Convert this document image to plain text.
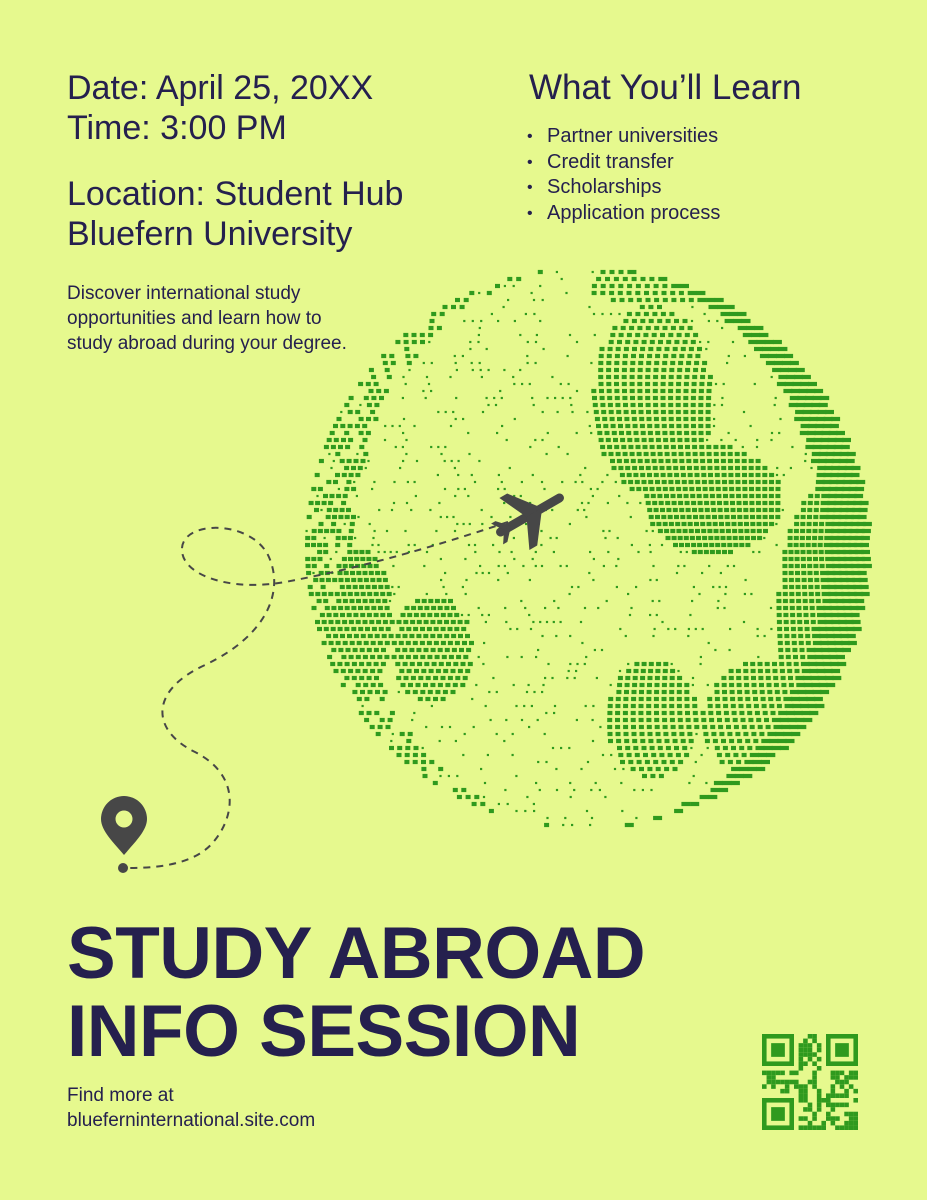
Date: April 25, 20XX

Time: 3:00 PM

Location: Student Hub

Bluefern University

Discover international study opportunities and learn how to study abroad during your degree.

What You’ll Learn
• Partner universities
• Credit transfer
• Scholarships
• Application process
STUDY ABROAD
INFO SESSION
Find more at
blueferninternational.site.com
